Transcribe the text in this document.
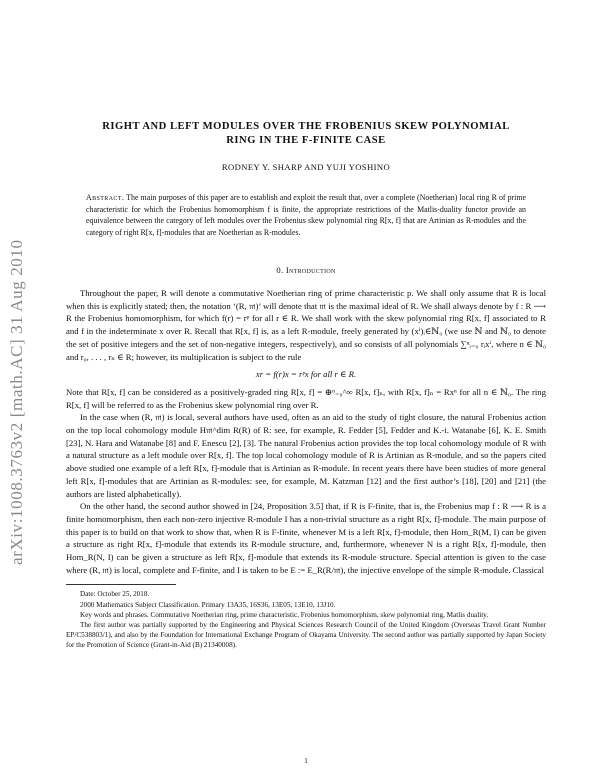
arXiv:1008.3763v2 [math.AC] 31 Aug 2010
RIGHT AND LEFT MODULES OVER THE FROBENIUS SKEW POLYNOMIAL
RING IN THE F-FINITE CASE
RODNEY Y. SHARP AND YUJI YOSHINO
Abstract. The main purposes of this paper are to establish and exploit the result that, over a complete (Noetherian) local ring R of prime characteristic for which the Frobenius homomorphism f is finite, the appropriate restrictions of the Matlis-duality functor provide an equivalence between the category of left modules over the Frobenius skew polynomial ring R[x, f] that are Artinian as R-modules and the category of right R[x, f]-modules that are Noetherian as R-modules.
0. Introduction

Throughout the paper, R will denote a commutative Noetherian ring of prime characteristic p. We shall only assume that R is local when this is explicitly stated; then, the notation ‘(R, 𝔪)’ will denote that 𝔪 is the maximal ideal of R. We shall always denote by f : R ⟶ R the Frobenius homomorphism, for which f(r) = rᵖ for all r ∈ R. We shall work with the skew polynomial ring R[x, f] associated to R and f in the indeterminate x over R. Recall that R[x, f] is, as a left R-module, freely generated by (xⁱ)ᵢ∈ℕ₀ (we use ℕ and ℕ₀ to denote the set of positive integers and the set of non-negative integers, respectively), and so consists of all polynomials ∑ⁿᵢ₌₀ rᵢxⁱ, where n ∈ ℕ₀ and r₀, . . . , rₙ ∈ R; however, its multiplication is subject to the rule

xr = f(r)x = rᵖx for all r ∈ R.

Note that R[x, f] can be considered as a positively-graded ring R[x, f] = ⊕ⁿ₌₀^∞ R[x, f]ₙ, with R[x, f]ₙ = Rxⁿ for all n ∈ ℕ₀. The ring R[x, f] will be referred to as the Frobenius skew polynomial ring over R.

In the case when (R, 𝔪) is local, several authors have used, often as an aid to the study of tight closure, the natural Frobenius action on the top local cohomology module H𝔪^dim R(R) of R: see, for example, R. Fedder [5], Fedder and K.-i. Watanabe [6], K. E. Smith [23], N. Hara and Watanabe [8] and F. Enescu [2], [3]. The natural Frobenius action provides the top local cohomology module of R with a natural structure as a left module over R[x, f]. The top local cohomology module of R is Artinian as R-module, and so the papers cited above studied one example of a left R[x, f]-module that is Artinian as R-module. In recent years there have been studies of more general left R[x, f]-modules that are Artinian as R-modules: see, for example, M. Katzman [12] and the first author’s [18], [20] and [21] (the authors are listed alphabetically).

On the other hand, the second author showed in [24, Proposition 3.5] that, if R is F-finite, that is, the Frobenius map f : R ⟶ R is a finite homomorphism, then each non-zero injective R-module I has a non-trivial structure as a right R[x, f]-module. The main purpose of this paper is to build on that work to show that, when R is F-finite, whenever M is a left R[x, f]-module, then Hom_R(M, I) can be given a structure as right R[x, f]-module that extends its R-module structure, and, furthermore, whenever N is a right R[x, f]-module, then Hom_R(N, I) can be given a structure as left R[x, f]-module that extends its R-module structure. Special attention is given to the case where (R, 𝔪) is local, complete and F-finite, and I is taken to be E := E_R(R/𝔪), the injective envelope of the simple R-module. Classical

Date: October 25, 2018.

2000 Mathematics Subject Classification. Primary 13A35, 16S36, 13E05, 13E10, 13J10.

Key words and phrases. Commutative Noetherian ring, prime characteristic, Frobenius homomorphism, skew polynomial ring, Matlis duality.

The first author was partially supported by the Engineering and Physical Sciences Research Council of the United Kingdom (Overseas Travel Grant Number EP/C538803/1), and also by the Foundation for International Exchange Program of Okayama University. The second author was partially supported by Japan Society for the Promotion of Science (Grant-in-Aid (B) 21340008).

1
